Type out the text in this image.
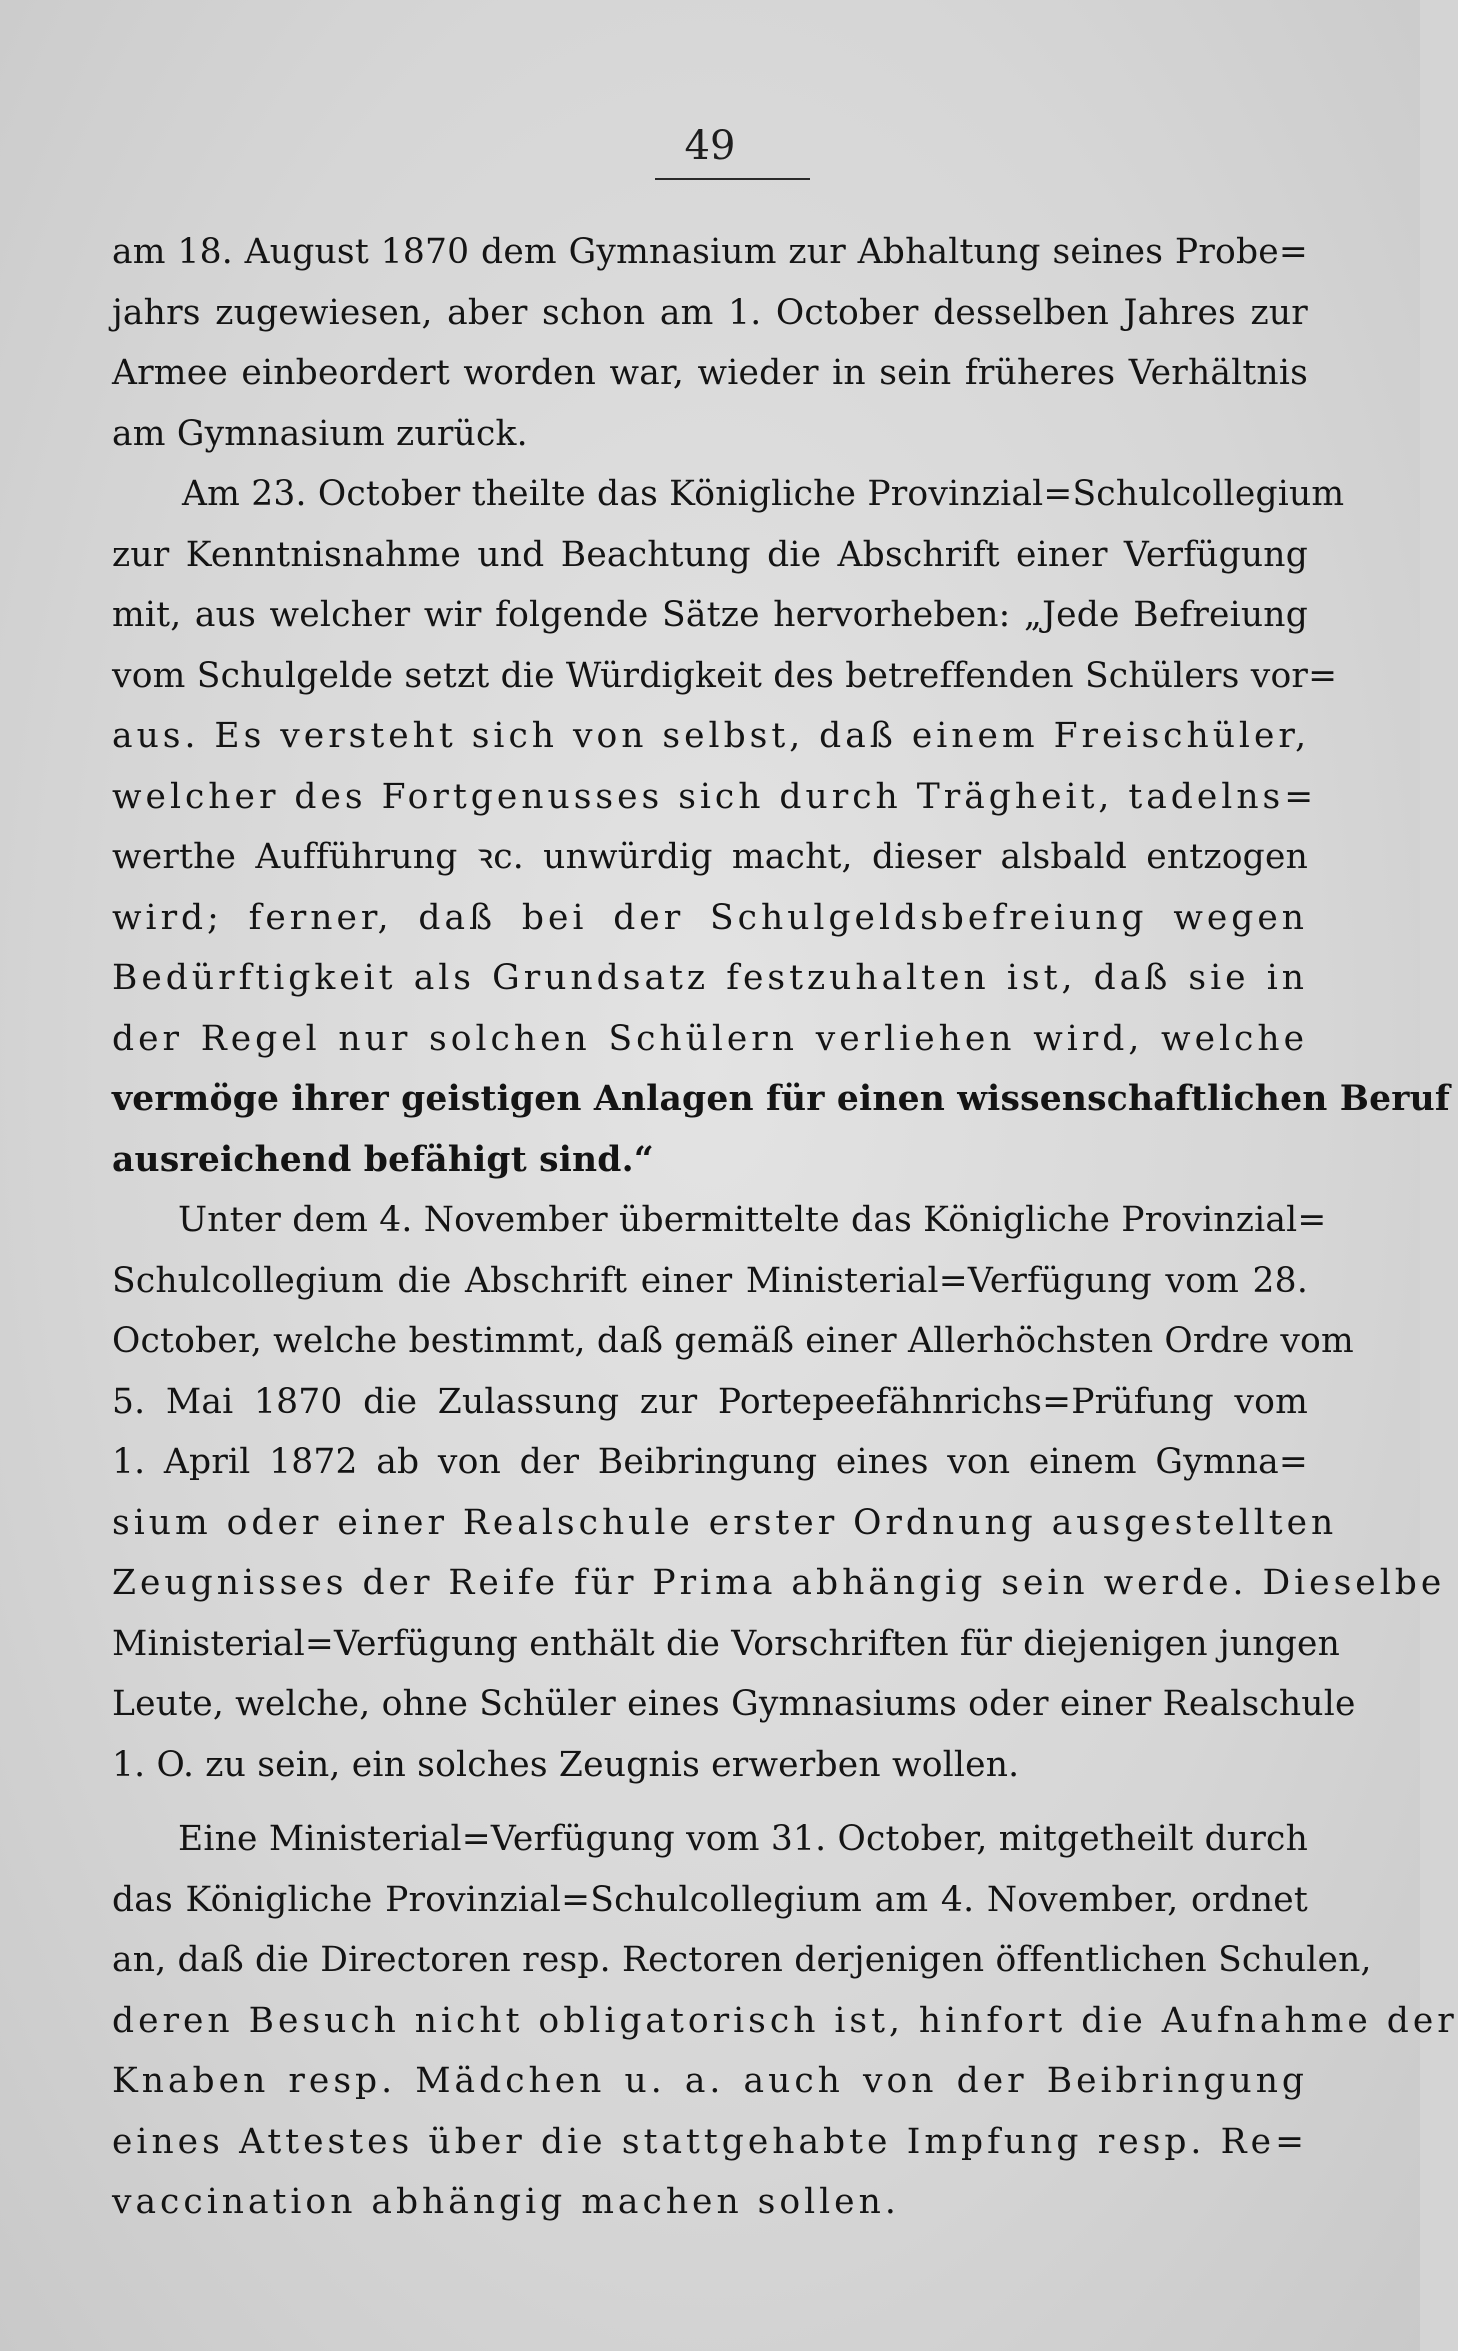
49
am 18. August 1870 dem Gymnasium zur Abhaltung seines Probe=
jahrs zugewiesen, aber schon am 1. October desselben Jahres zur
Armee einbeordert worden war, wieder in sein früheres Verhältnis
am Gymnasium zurück.
Am 23. October theilte das Königliche Provinzial=Schulcollegium
zur Kenntnisnahme und Beachtung die Abschrift einer Verfügung
mit, aus welcher wir folgende Sätze hervorheben: „Jede Befreiung
vom Schulgelde setzt die Würdigkeit des betreffenden Schülers vor=
aus. Es versteht sich von selbst, daß einem Freischüler,
welcher des Fortgenusses sich durch Trägheit, tadelns=
werthe Aufführung ꝛc. unwürdig macht, dieser alsbald entzogen
wird; ferner, daß bei der Schulgeldsbefreiung wegen
Bedürftigkeit als Grundsatz festzuhalten ist, daß sie in
der Regel nur solchen Schülern verliehen wird, welche
vermöge ihrer geistigen Anlagen für einen wissenschaftlichen Beruf
ausreichend befähigt sind.“
Unter dem 4. November übermittelte das Königliche Provinzial=
Schulcollegium die Abschrift einer Ministerial=Verfügung vom 28.
October, welche bestimmt, daß gemäß einer Allerhöchsten Ordre vom
5. Mai 1870 die Zulassung zur Portepeefähnrichs=Prüfung vom
1. April 1872 ab von der Beibringung eines von einem Gymna=
sium oder einer Realschule erster Ordnung ausgestellten
Zeugnisses der Reife für Prima abhängig sein werde. Dieselbe
Ministerial=Verfügung enthält die Vorschriften für diejenigen jungen
Leute, welche, ohne Schüler eines Gymnasiums oder einer Realschule
1. O. zu sein, ein solches Zeugnis erwerben wollen.
Eine Ministerial=Verfügung vom 31. October, mitgetheilt durch
das Königliche Provinzial=Schulcollegium am 4. November, ordnet
an, daß die Directoren resp. Rectoren derjenigen öffentlichen Schulen,
deren Besuch nicht obligatorisch ist, hinfort die Aufnahme der
Knaben resp. Mädchen u. a. auch von der Beibringung
eines Attestes über die stattgehabte Impfung resp. Re=
vaccination abhängig machen sollen.
